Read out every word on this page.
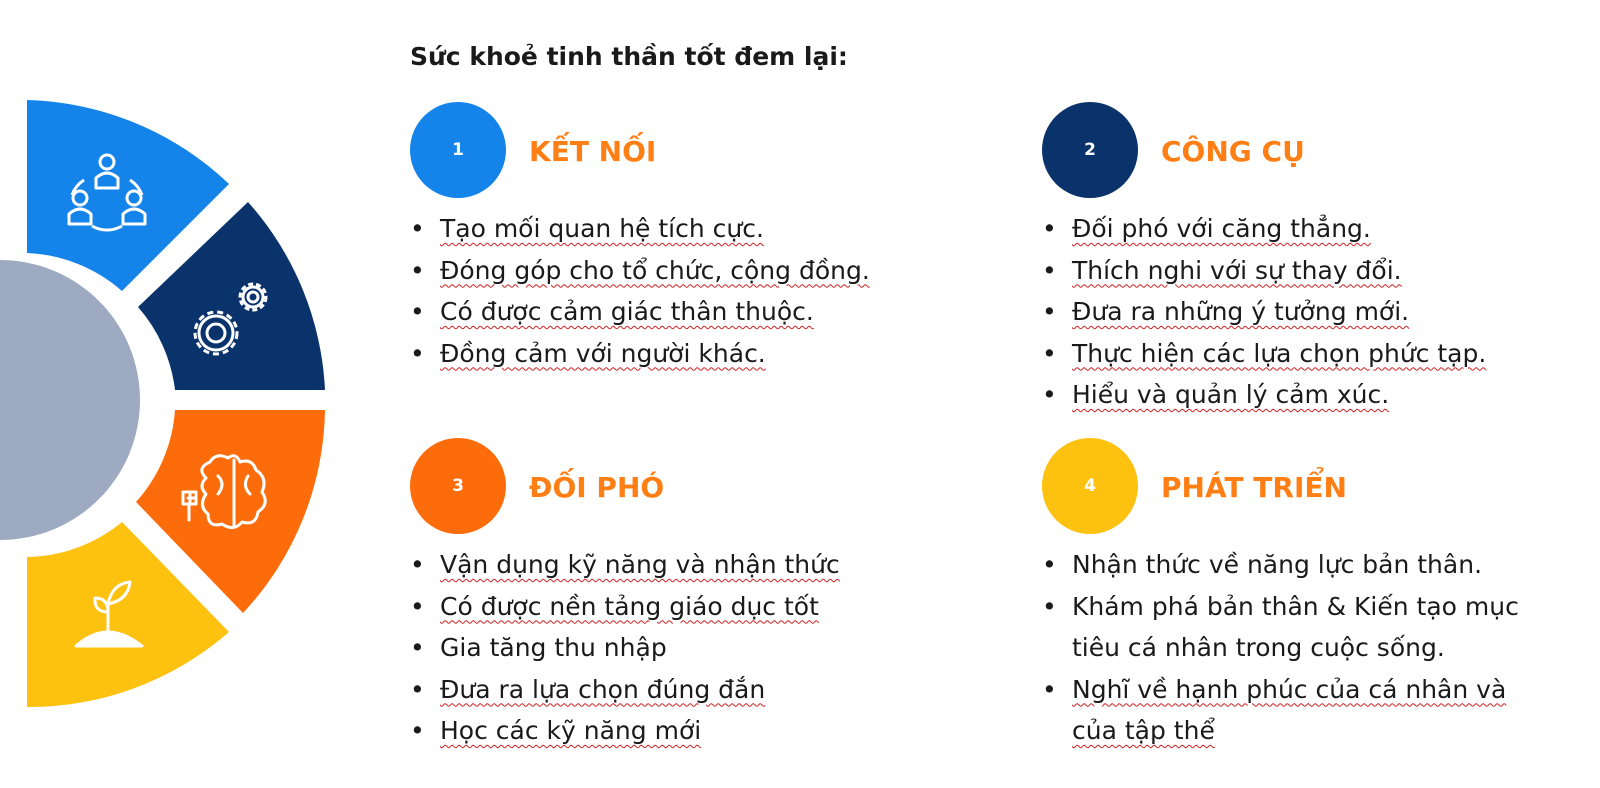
Sức khoẻ tinh thần tốt đem lại:
1	KẾT NỐI
• Tạo mối quan hệ tích cực.
• Đóng góp cho tổ chức, cộng đồng.
• Có được cảm giác thân thuộc.
• Đồng cảm với người khác.
2	CÔNG CỤ
• Đối phó với căng thẳng.
• Thích nghi với sự thay đổi.
• Đưa ra những ý tưởng mới.
• Thực hiện các lựa chọn phức tạp.
• Hiểu và quản lý cảm xúc.
3	ĐỐI PHÓ
• Vận dụng kỹ năng và nhận thức
• Có được nền tảng giáo dục tốt
• Gia tăng thu nhập
• Đưa ra lựa chọn đúng đắn
• Học các kỹ năng mới
4	PHÁT TRIỂN
• Nhận thức về năng lực bản thân.
• Khám phá bản thân & Kiến tạo mục tiêu cá nhân trong cuộc sống.
• Nghĩ về hạnh phúc của cá nhân và của tập thể
